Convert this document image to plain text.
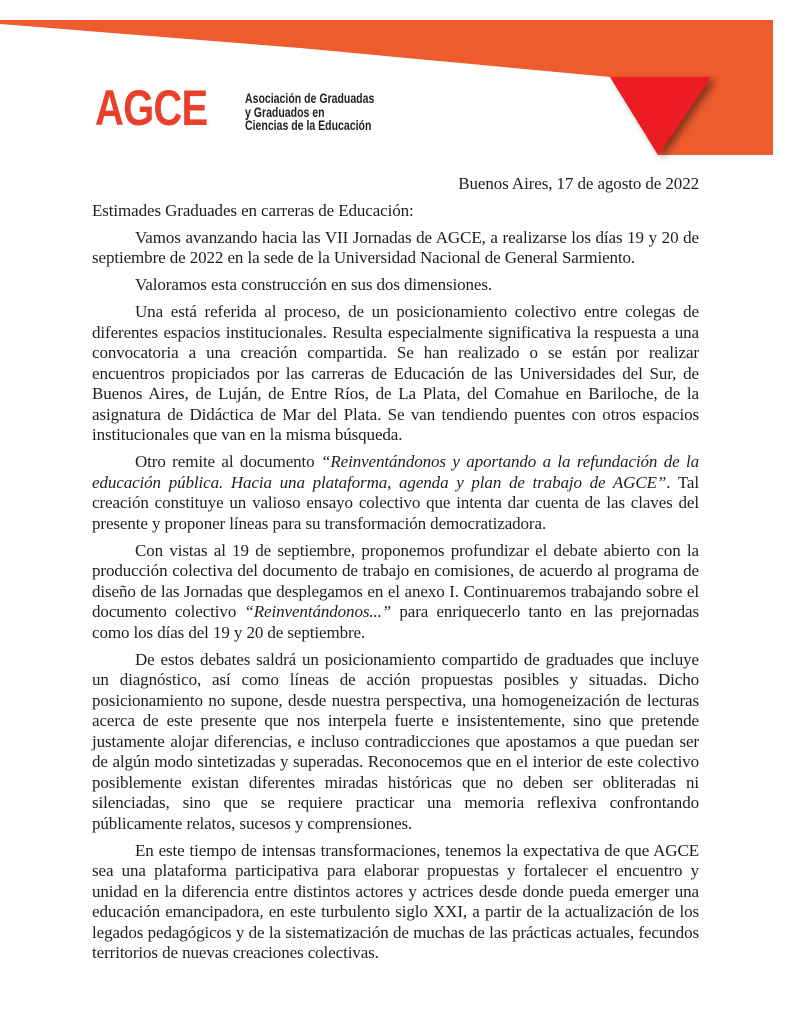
AGCE	Asociación de Graduadas
y Graduados en
Ciencias de la Educación
Buenos Aires, 17 de agosto de 2022
Estimades Graduades en carreras de Educación:

Vamos avanzando hacia las VII Jornadas de AGCE, a realizarse los días 19 y 20 de septiembre de 2022 en la sede de la Universidad Nacional de General Sarmiento.

Valoramos esta construcción en sus dos dimensiones.

Una está referida al proceso, de un posicionamiento colectivo entre colegas de diferentes espacios institucionales. Resulta especialmente significativa la respuesta a una convocatoria a una creación compartida. Se han realizado o se están por realizar encuentros propiciados por las carreras de Educación de las Universidades del Sur, de Buenos Aires, de Luján, de Entre Ríos, de La Plata, del Comahue en Bariloche, de la asignatura de Didáctica de Mar del Plata. Se van tendiendo puentes con otros espacios institucionales que van en la misma búsqueda.

Otro remite al documento “Reinventándonos y aportando a la refundación de la educación pública. Hacia una plataforma, agenda y plan de trabajo de AGCE”. Tal creación constituye un valioso ensayo colectivo que intenta dar cuenta de las claves del presente y proponer líneas para su transformación democratizadora.

Con vistas al 19 de septiembre, proponemos profundizar el debate abierto con la producción colectiva del documento de trabajo en comisiones, de acuerdo al programa de diseño de las Jornadas que desplegamos en el anexo I. Continuaremos trabajando sobre el documento colectivo “Reinventándonos...” para enriquecerlo tanto en las prejornadas como los días del 19 y 20 de septiembre.

De estos debates saldrá un posicionamiento compartido de graduades que incluye un diagnóstico, así como líneas de acción propuestas posibles y situadas. Dicho posicionamiento no supone, desde nuestra perspectiva, una homogeneización de lecturas acerca de este presente que nos interpela fuerte e insistentemente, sino que pretende justamente alojar diferencias, e incluso contradicciones que apostamos a que puedan ser de algún modo sintetizadas y superadas. Reconocemos que en el interior de este colectivo posiblemente existan diferentes miradas históricas que no deben ser obliteradas ni silenciadas, sino que se requiere practicar una memoria reflexiva confrontando públicamente relatos, sucesos y comprensiones.

En este tiempo de intensas transformaciones, tenemos la expectativa de que AGCE sea una plataforma participativa para elaborar propuestas y fortalecer el encuentro y unidad en la diferencia entre distintos actores y actrices desde donde pueda emerger una educación emancipadora, en este turbulento siglo XXI, a partir de la actualización de los legados pedagógicos y de la sistematización de muchas de las prácticas actuales, fecundos territorios de nuevas creaciones colectivas.
